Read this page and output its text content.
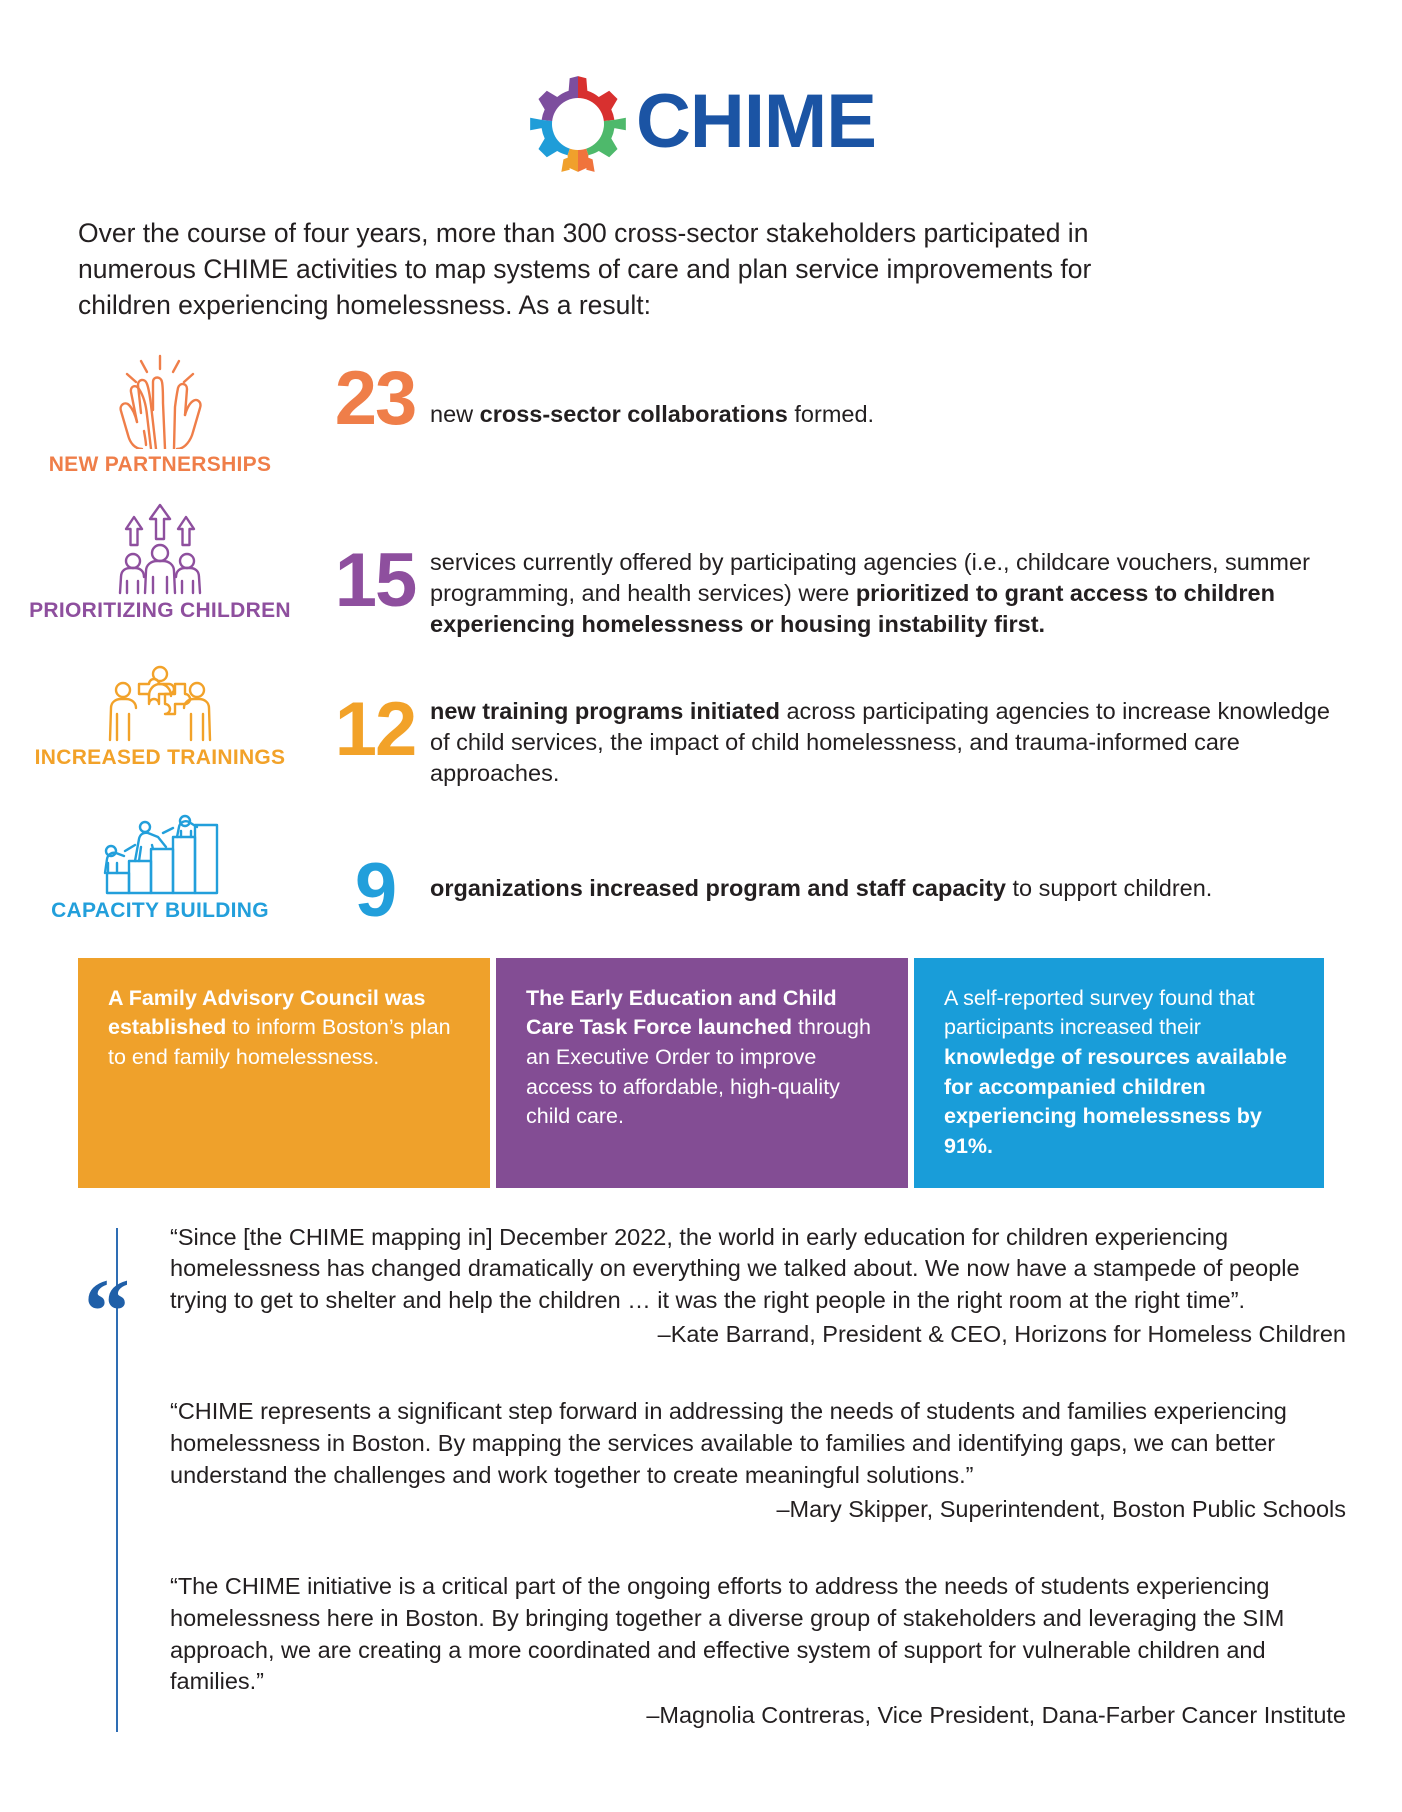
CHIME

Over the course of four years, more than 300 cross-sector stakeholders participated in numerous CHIME activities to map systems of care and plan service improvements for children experiencing homelessness. As a result:

NEW PARTNERSHIPS
23 new cross-sector collaborations formed.
PRIORITIZING CHILDREN 15 services currently offered by participating agencies (i.e., childcare vouchers, summer programming, and health services) were prioritized to grant access to children experiencing homelessness or housing instability first.
INCREASED TRAININGS 12 new training programs initiated across participating agencies to increase knowledge of child services, the impact of child homelessness, and trauma-informed care approaches.
CAPACITY BUILDING	9	organizations increased program and staff capacity to support children.
A Family Advisory Council was established to inform Boston’s plan to end family homelessness.
The Early Education and Child Care Task Force launched through an Executive Order to improve access to affordable, high-quality child care.
A self-reported survey found that participants increased their knowledge of resources available for accompanied children experiencing homelessness by 91%.
“
“Since [the CHIME mapping in] December 2022, the world in early education for children experiencing homelessness has changed dramatically on everything we talked about. We now have a stampede of people trying to get to shelter and help the children … it was the right people in the right room at the right time”.
–Kate Barrand, President & CEO, Horizons for Homeless Children
“CHIME represents a significant step forward in addressing the needs of students and families experiencing homelessness in Boston. By mapping the services available to families and identifying gaps, we can better understand the challenges and work together to create meaningful solutions.”
–Mary Skipper, Superintendent, Boston Public Schools
“The CHIME initiative is a critical part of the ongoing efforts to address the needs of students experiencing homelessness here in Boston. By bringing together a diverse group of stakeholders and leveraging the SIM approach, we are creating a more coordinated and effective system of support for vulnerable children and families.”
–Magnolia Contreras, Vice President, Dana-Farber Cancer Institute
